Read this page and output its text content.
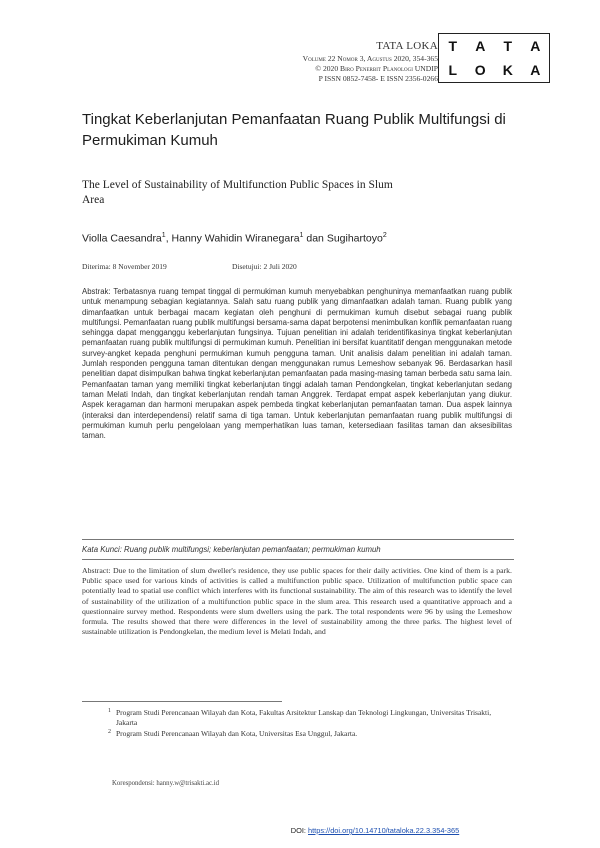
TATA LOKA
Volume 22 Nomor 3, Agustus 2020, 354-365
© 2020 Biro Penerbit Planologi UNDIP
P ISSN 0852-7458- E ISSN 2356-0266
T A T A
L O K A
Tingkat Keberlanjutan Pemanfaatan Ruang Publik Multifungsi di Permukiman Kumuh
The Level of Sustainability of Multifunction Public Spaces in Slum Area
Violla Caesandra$^1$, Hanny Wahidin Wiranegara$^1$ dan Sugihartoyo$^2$
Diterima: 8 November 2019	Disetujui: 2 Juli 2020
Abstrak: Terbatasnya ruang tempat tinggal di permukiman kumuh menyebabkan penghuninya memanfaatkan ruang publik untuk menampung sebagian kegiatannya. Salah satu ruang publik yang dimanfaatkan adalah taman. Ruang publik yang dimanfaatkan untuk berbagai macam kegiatan oleh penghuni di permukiman kumuh disebut sebagai ruang publik multifungsi. Pemanfaatan ruang publik multifungsi bersama-sama dapat berpotensi menimbulkan konflik pemanfaatan ruang sehingga dapat mengganggu keberlanjutan fungsinya. Tujuan penelitian ini adalah teridentifikasinya tingkat keberlanjutan pemanfaatan ruang publik multifungsi di permukiman kumuh. Penelitian ini bersifat kuantitatif dengan menggunakan metode survey-angket kepada penghuni permukiman kumuh pengguna taman. Unit analisis dalam penelitian ini adalah taman. Jumlah responden pengguna taman ditentukan dengan menggunakan rumus Lemeshow sebanyak 96. Berdasarkan hasil penelitian dapat disimpulkan bahwa tingkat keberlanjutan pemanfaatan pada masing-masing taman berbeda satu sama lain. Pemanfaatan taman yang memiliki tingkat keberlanjutan tinggi adalah taman Pendongkelan, tingkat keberlanjutan sedang taman Melati Indah, dan tingkat keberlanjutan rendah taman Anggrek. Terdapat empat aspek keberlanjutan yang diukur. Aspek keragaman dan harmoni merupakan aspek pembeda tingkat keberlanjutan pemanfaatan taman. Dua aspek lainnya (interaksi dan interdependensi) relatif sama di tiga taman. Untuk keberlanjutan pemanfaatan ruang publik multifungsi di permukiman kumuh perlu pengelolaan yang memperhatikan luas taman, ketersediaan fasilitas taman dan aksesibilitas taman.
Kata Kunci: Ruang publik multifungsi; keberlanjutan pemanfaatan; permukiman kumuh
Abstract: Due to the limitation of slum dweller's residence, they use public spaces for their daily activities. One kind of them is a park. Public space used for various kinds of activities is called a multifunction public space. Utilization of multifunction public space can potentially lead to spatial use conflict which interferes with its functional sustainability. The aim of this research was to identify the level of sustainability of the utilization of a multifunction public space in the slum area. This research used a quantitative approach and a questionnaire survey method. Respondents were slum dwellers using the park. The total respondents were 96 by using the Lemeshow formula. The results showed that there were differences in the level of sustainability among the three parks. The highest level of sustainable utilization is Pendongkelan, the medium level is Melati Indah, and
1 Program Studi Perencanaan Wilayah dan Kota, Fakultas Arsitektur Lanskap dan Teknologi Lingkungan, Universitas Trisakti, Jakarta
2 Program Studi Perencanaan Wilayah dan Kota, Universitas Esa Unggul, Jakarta.
Korespondensi: hanny.w@trisakti.ac.id
DOI: https://doi.org/10.14710/tataloka.22.3.354-365
